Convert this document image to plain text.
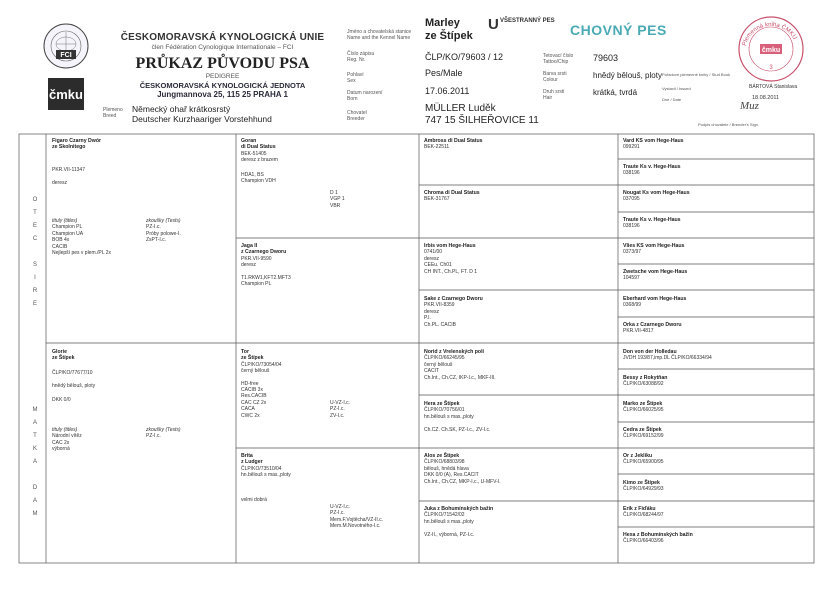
FCI
čmku
ČESKOMORAVSKÁ KYNOLOGICKÁ UNIE
člen Fédération Cynologique Internationale – FCI
PRŮKAZ PŮVODU PSA
PEDIGREE
ČESKOMORAVSKÁ KYNOLOGICKÁ JEDNOTA
Jungmannova 25, 115 25 PRAHA 1
Plemeno
Breed
Německý ohař krátkosrstý
Deutscher Kurzhaariger Vorstehhund
Jméno a chovatelská stanice
Name and the Kennel Name
Číslo zápisu
Reg. Nr.
Pohlaví
Sex
Datum narození
Born
Chovatel
Breeder
Marley
ze Štípek
ČLP/KO/79603 / 12
Pes/Male
17.06.2011
MÜLLER Luděk
747 15 ŠILHEŘOVICE 11
U VŠESTRANNÝ PES
CHOVNÝ PES
Tetovací číslo
Tattoo/Chip
Barva srsti
Colour
Druh srsti
Hair
79603
hnědý bělouš, ploty
krátká, tvrdá
Pořadové plemenné knihy / Stud Book
Vystavil / Issued
Dne / Date
BÁRTOVÁ Stanislava
18.08.2011
Muz
Podpis chovatele / Breeder's Sign.
Plemenná kniha ČMKU
čmku
3
O
T
E
C

S
I
R
E
M
A
T
K
A

D
A
M
Figaro Czarny Dwór
ze Skolnitego
PKR.VII-11347
deresz
tituly (titles)
Champion PL
Champion UA
BOB 4x
CACIB
Nejlepší pes v plem./PL 2x
zkoušky (Tests)
PZ-I.c.
Próby polowe-I.
ZsPT-I.c.
Glorie
ze Štípek
ČLP/KO/77677/10
hnědý bělouš, ploty
DKK 0/0
tituly (titles)
Národní vítěz
CAC 2x
výborná
zkoušky (Tests)
PZ-I.c.
Goran
di Dual Status
BEK-51405
deresz z brazem
HDA1, BS
Champion VDH
D 1
VGP 1
VBR
Jaga II
z Czarnego Dworu
PKR.VII-9590
deresz
T1.RKW1,KFT2.MFT3
Champion PL
Tor
ze Štípek
ČLP/KO/73054/04
černý bělouš
HD-free
CACIB 3x
Res.CACIB
CAC CZ 2x
CACA
CWC 2x
U-VZ-I.c.
PZ-I.c.
ZV-I.c.
Brita
z Ludger
ČLP/KO/73510/04
hn.bělouš s mas.,ploty
velmi dobrá
U-VZ-I.c.
PZ-I.c.
Mem.F.Vojtěcha/VZ-II.c.
Mem.M.Novotného-I.c.
Ambross di Dual Status
BEK-22511
Chroma di Dual Status
BEK-31767
Irbis vom Hege-Haus
0741/00
deresz
CEEu. Ch01
CH INT., Ch.PL, FT. D 1
Sake z Czarnego Dworu
PKR.VII-8359
deresz
P.I.
Ch.PL. CACIB
Norid z Vrelenských polí
ČLP/KO/66245/95
černý bělouš
CACIT
Ch.Int., Ch.CZ, IKP-I.c., MKF-III.
Hera ze Štípek
ČLP/KO/70756/01
hn.bělouš s mas.,ploty

Ch.CZ. Ch.SK, PZ-I.c., ZV-I.c.
Alos ze Štípek
ČLP/KO/68803/98
bělouš, hnědá hlava
DKK 0/0 (A), Res.CACIT
Ch.Int., Ch.CZ, MKP-I.c., U-MFV-I.
Juka z Bohumínských bažin
ČLP/KO/71542/02
hn.bělouš s mas.,ploty

VZ-II., výborná, PZ-I.c.
Vard KS vom Hege-Haus
099291
Traute Ks v. Hege-Haus
038196
Nougat Ks vom Hege-Haus
037095
Traute Ks v. Hege-Haus
038196
Vlies KS vom Hege-Haus
0373/97
Zwetsche vom Hege-Haus
104597
Eberhard vom Hege-Haus
0368/99
Orka z Czarnego Dworu
PKR.VII-4817
Don von der Holledau
JVDH 193/87,imp.DL ČLP/KO/66334/94
Bessy z Rokytňan
ČLP/KO/63088/92
Marko ze Štípek
ČLP/KO/66025/95
Cedra ze Štípek
ČLP/KO/69152/99
Or z Jeklíku
ČLP/KO/65900/95
Kimo ze Štípek
ČLP/KO/64929/93
Erik z Fiďáku
ČLP/KO/68244/97
Hexa z Bohumínských bažin
ČLP/KO/66403/96
